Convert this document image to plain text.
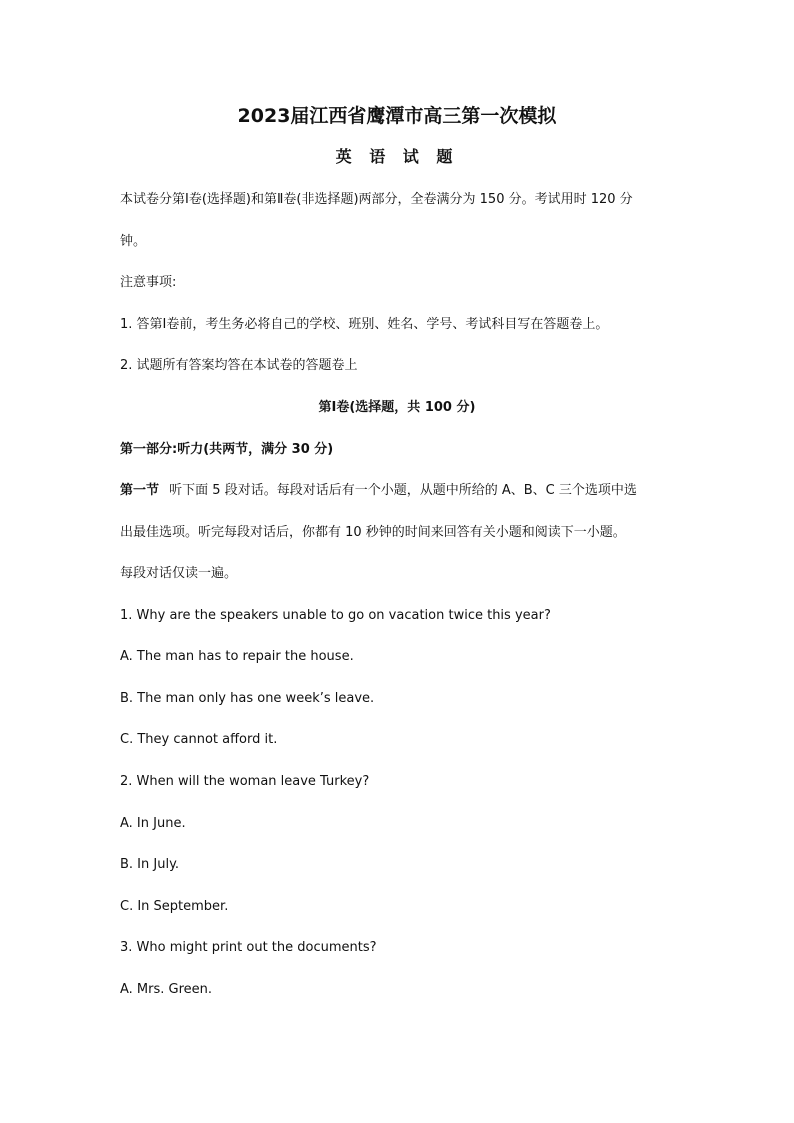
2023届江西省鹰潭市高三第一次模拟
英 语 试 题
本试卷分第Ⅰ卷(选择题)和第Ⅱ卷(非选择题)两部分，全卷满分为 150 分。考试用时 120 分
钟。
注意事项:
1. 答第Ⅰ卷前，考生务必将自己的学校、班别、姓名、学号、考试科目写在答题卷上。
2. 试题所有答案均答在本试卷的答题卷上
第Ⅰ卷(选择题，共 100 分)
第一部分:听力(共两节，满分 30 分)
第一节 听下面 5 段对话。每段对话后有一个小题，从题中所给的 A、B、C 三个选项中选
出最佳选项。听完每段对话后，你都有 10 秒钟的时间来回答有关小题和阅读下一小题。
每段对话仅读一遍。
1. Why are the speakers unable to go on vacation twice this year?
A. The man has to repair the house.
B. The man only has one week’s leave.
C. They cannot afford it.
2. When will the woman leave Turkey?
A. In June.
B. In July.
C. In September.
3. Who might print out the documents?
A. Mrs. Green.
